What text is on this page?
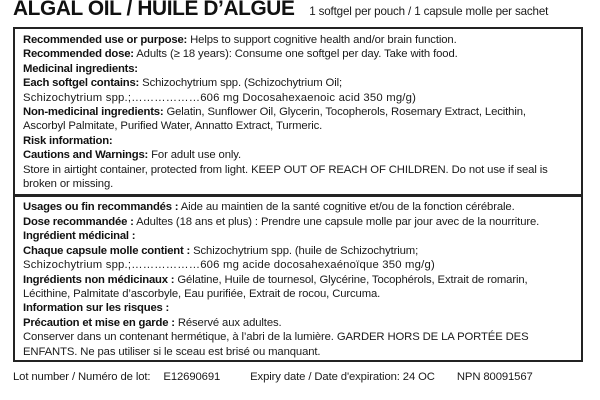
ALGAL OIL / HUILE D’ALGUE 1 softgel per pouch / 1 capsule molle per sachet
Recommended use or purpose: Helps to support cognitive health and/or brain function.
Recommended dose: Adults (≥ 18 years): Consume one softgel per day. Take with food.
Medicinal ingredients:
Each softgel contains: Schizochytrium spp. (Schizochytrium Oil;
Schizochytrium spp.;………………606 mg Docosahexaenoic acid 350 mg/g)
Non-medicinal ingredients: Gelatin, Sunflower Oil, Glycerin, Tocopherols, Rosemary Extract, Lecithin,
Ascorbyl Palmitate, Purified Water, Annatto Extract, Turmeric.
Risk information:
Cautions and Warnings: For adult use only.
Store in airtight container, protected from light. KEEP OUT OF REACH OF CHILDREN. Do not use if seal is
broken or missing.
Usages ou fin recommandés : Aide au maintien de la santé cognitive et/ou de la fonction cérébrale.
Dose recommandée : Adultes (18 ans et plus) : Prendre une capsule molle par jour avec de la nourriture.
Ingrédient médicinal :
Chaque capsule molle contient : Schizochytrium spp. (huile de Schizochytrium;
Schizochytrium spp.;………………606 mg acide docosahexaénoïque 350 mg/g)
Ingrédients non médicinaux : Gélatine, Huile de tournesol, Glycérine, Tocophérols, Extrait de romarin,
Lécithine, Palmitate d’ascorbyle, Eau purifiée, Extrait de rocou, Curcuma.
Information sur les risques :
Précaution et mise en garde : Réservé aux adultes.
Conserver dans un contenant hermétique, à l’abri de la lumière. GARDER HORS DE LA PORTÉE DES
ENFANTS. Ne pas utiliser si le sceau est brisé ou manquant.
Lot number / Numéro de lot: E12690691	Expiry date / Date d'expiration: 24 OC NPN 80091567
